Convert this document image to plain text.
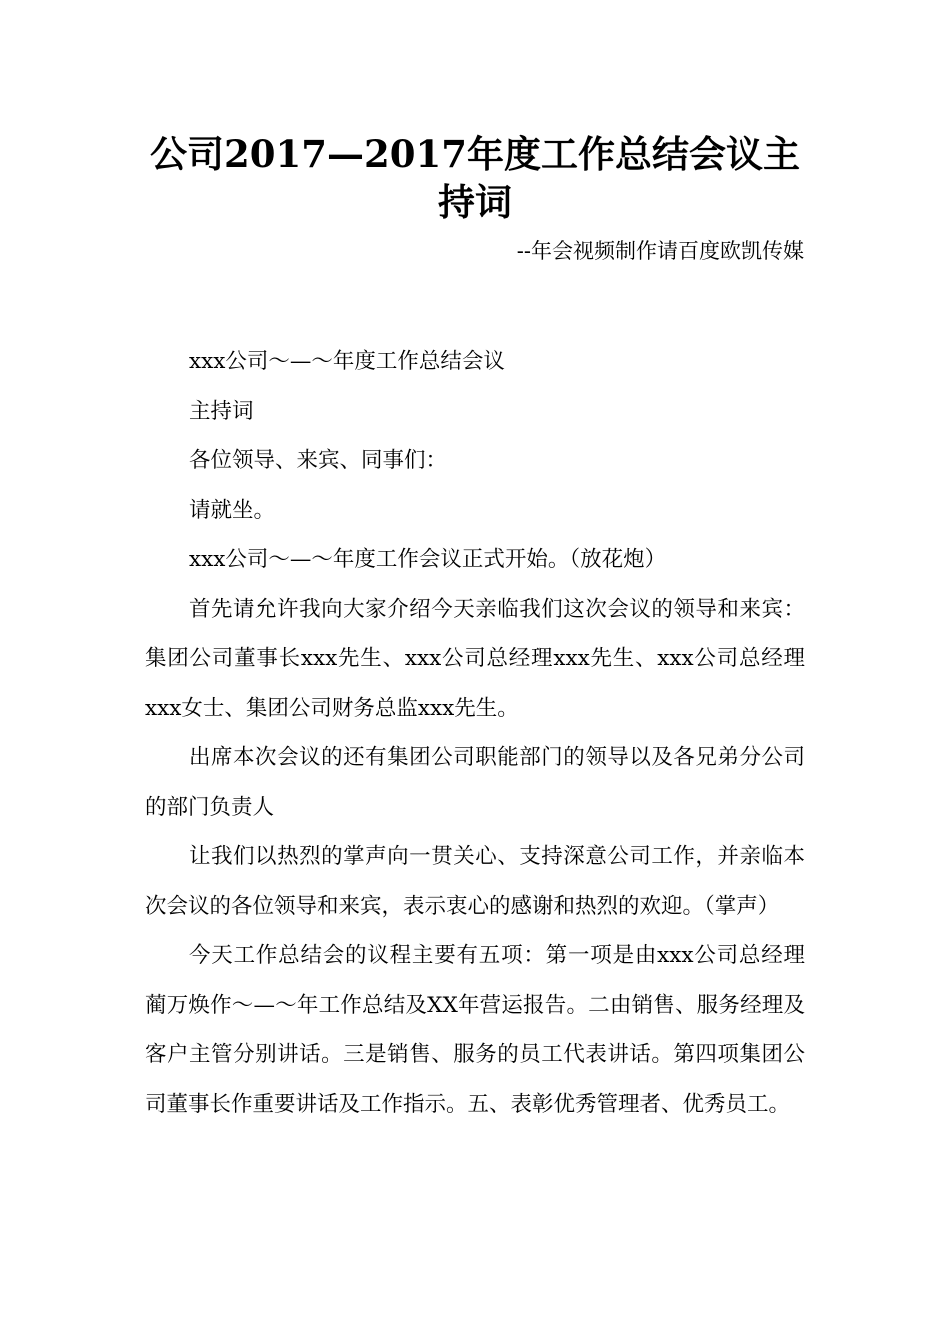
公司2017—2017年度工作总结会议主
持词

--年会视频制作请百度欧凯传媒

xxx公司～—～年度工作总结会议

主持词

各位领导、来宾、同事们：

请就坐。

xxx公司～—～年度工作会议正式开始。（放花炮）

首先请允许我向大家介绍今天亲临我们这次会议的领导和来宾：集团公司董事长xxx先生、xxx公司总经理xxx先生、xxx公司总经理xxx女士、集团公司财务总监xxx先生。

出席本次会议的还有集团公司职能部门的领导以及各兄弟分公司的部门负责人

让我们以热烈的掌声向一贯关心、支持深意公司工作，并亲临本次会议的各位领导和来宾，表示衷心的感谢和热烈的欢迎。（掌声）

今天工作总结会的议程主要有五项：第一项是由xxx公司总经理蔺万焕作～—～年工作总结及XX年营运报告。二由销售、服务经理及客户主管分别讲话。三是销售、服务的员工代表讲话。第四项集团公司董事长作重要讲话及工作指示。五、表彰优秀管理者、优秀员工。
